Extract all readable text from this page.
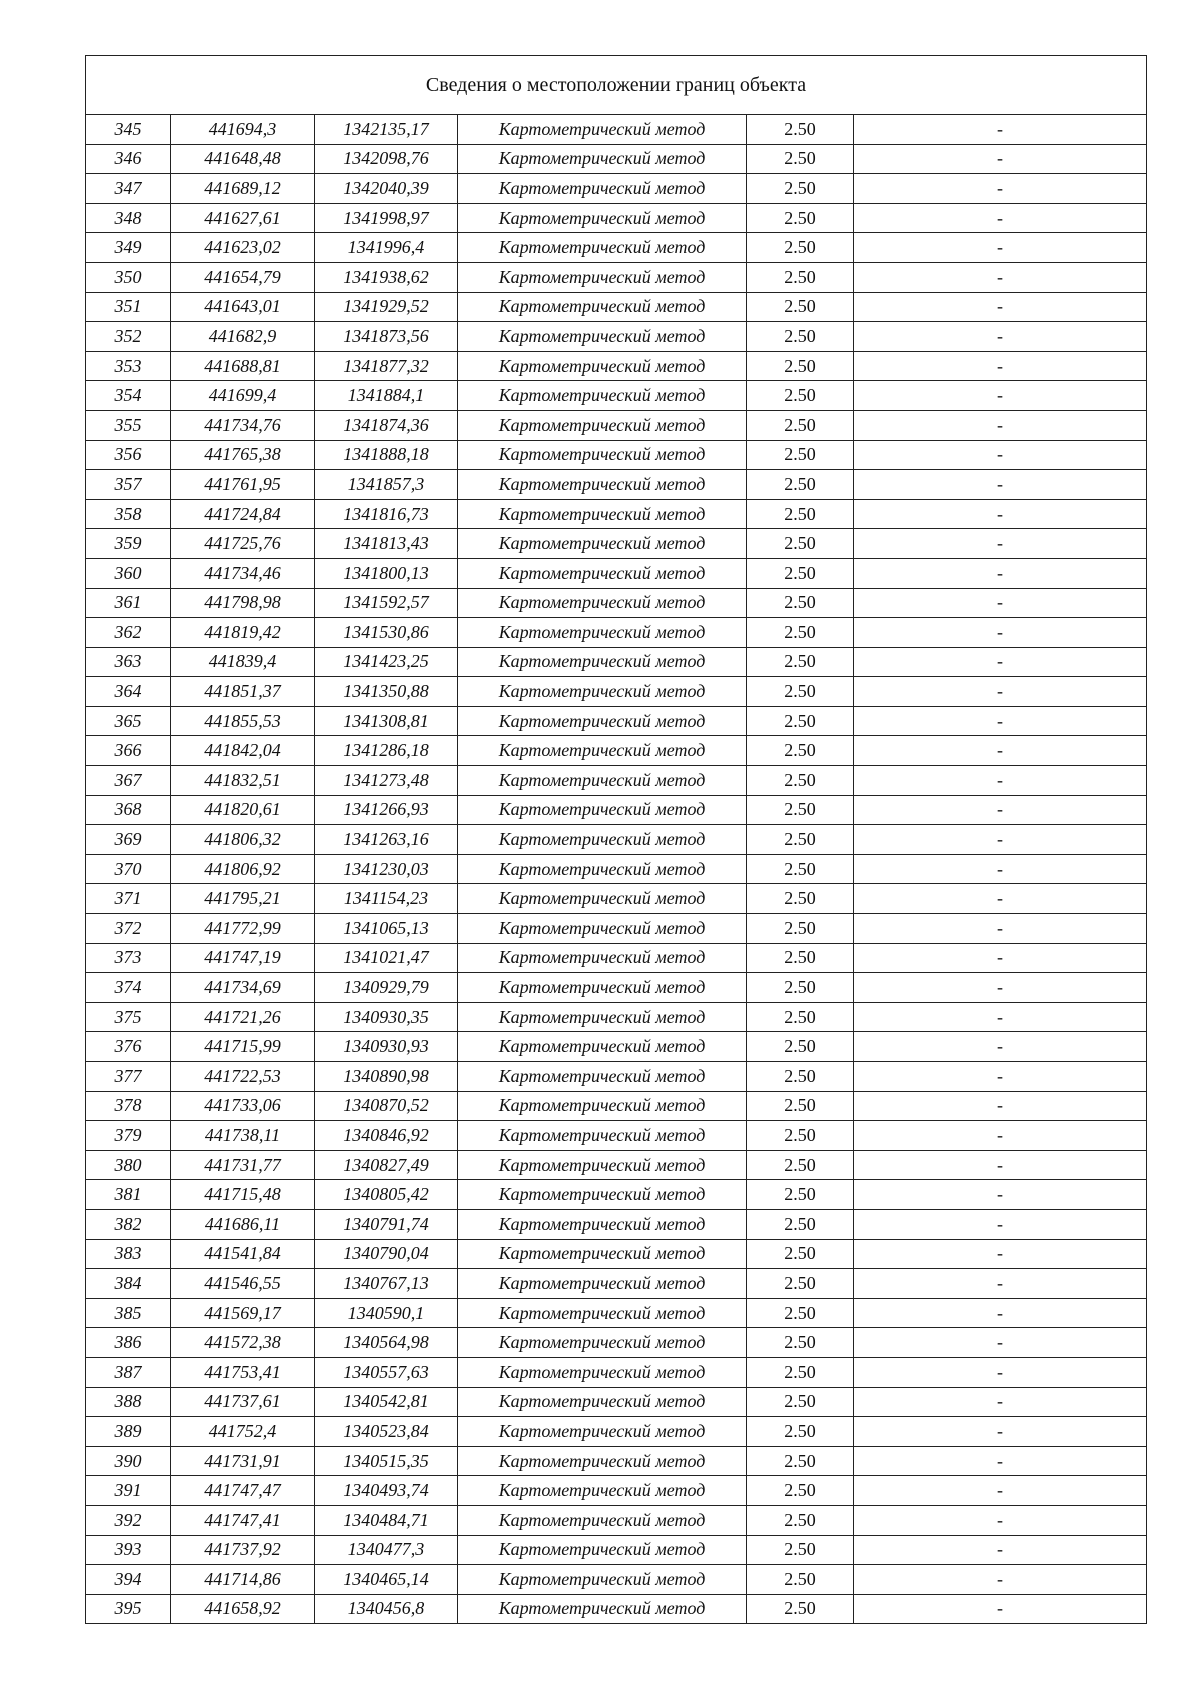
Сведения о местоположении границ объекта					
345	441694,3	1342135,17	Картометрический метод	2.50	-
346	441648,48	1342098,76	Картометрический метод	2.50	-
347	441689,12	1342040,39	Картометрический метод	2.50	-
348	441627,61	1341998,97	Картометрический метод	2.50	-
349	441623,02	1341996,4	Картометрический метод	2.50	-
350	441654,79	1341938,62	Картометрический метод	2.50	-
351	441643,01	1341929,52	Картометрический метод	2.50	-
352	441682,9	1341873,56	Картометрический метод	2.50	-
353	441688,81	1341877,32	Картометрический метод	2.50	-
354	441699,4	1341884,1	Картометрический метод	2.50	-
355	441734,76	1341874,36	Картометрический метод	2.50	-
356	441765,38	1341888,18	Картометрический метод	2.50	-
357	441761,95	1341857,3	Картометрический метод	2.50	-
358	441724,84	1341816,73	Картометрический метод	2.50	-
359	441725,76	1341813,43	Картометрический метод	2.50	-
360	441734,46	1341800,13	Картометрический метод	2.50	-
361	441798,98	1341592,57	Картометрический метод	2.50	-
362	441819,42	1341530,86	Картометрический метод	2.50	-
363	441839,4	1341423,25	Картометрический метод	2.50	-
364	441851,37	1341350,88	Картометрический метод	2.50	-
365	441855,53	1341308,81	Картометрический метод	2.50	-
366	441842,04	1341286,18	Картометрический метод	2.50	-
367	441832,51	1341273,48	Картометрический метод	2.50	-
368	441820,61	1341266,93	Картометрический метод	2.50	-
369	441806,32	1341263,16	Картометрический метод	2.50	-
370	441806,92	1341230,03	Картометрический метод	2.50	-
371	441795,21	1341154,23	Картометрический метод	2.50	-
372	441772,99	1341065,13	Картометрический метод	2.50	-
373	441747,19	1341021,47	Картометрический метод	2.50	-
374	441734,69	1340929,79	Картометрический метод	2.50	-
375	441721,26	1340930,35	Картометрический метод	2.50	-
376	441715,99	1340930,93	Картометрический метод	2.50	-
377	441722,53	1340890,98	Картометрический метод	2.50	-
378	441733,06	1340870,52	Картометрический метод	2.50	-
379	441738,11	1340846,92	Картометрический метод	2.50	-
380	441731,77	1340827,49	Картометрический метод	2.50	-
381	441715,48	1340805,42	Картометрический метод	2.50	-
382	441686,11	1340791,74	Картометрический метод	2.50	-
383	441541,84	1340790,04	Картометрический метод	2.50	-
384	441546,55	1340767,13	Картометрический метод	2.50	-
385	441569,17	1340590,1	Картометрический метод	2.50	-
386	441572,38	1340564,98	Картометрический метод	2.50	-
387	441753,41	1340557,63	Картометрический метод	2.50	-
388	441737,61	1340542,81	Картометрический метод	2.50	-
389	441752,4	1340523,84	Картометрический метод	2.50	-
390	441731,91	1340515,35	Картометрический метод	2.50	-
391	441747,47	1340493,74	Картометрический метод	2.50	-
392	441747,41	1340484,71	Картометрический метод	2.50	-
393	441737,92	1340477,3	Картометрический метод	2.50	-
394	441714,86	1340465,14	Картометрический метод	2.50	-
395	441658,92	1340456,8	Картометрический метод	2.50	-
